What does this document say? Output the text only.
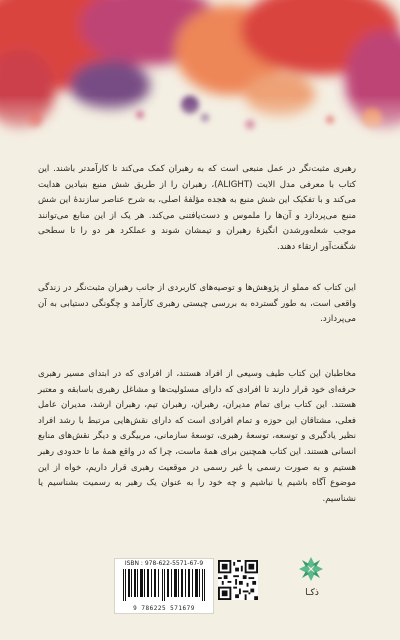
رهبری مثبت‌نگر در عمل منبعی است که به رهبران کمک می‌کند تا کارآمدتر باشند. این کتاب با معرفی مدل الایت (ALIGHT)، رهبران را از طریق شش منبع بنیادین هدایت می‌کند و با تفکیک این شش منبع به هجده مؤلفهٔ اصلی، به شرح عناصر سازندهٔ این شش منبع می‌پردازد و آن‌ها را ملموس و دست‌یافتنی می‌کند. هر یک از این منابع می‌توانند موجب شعله‌ورشدن انگیزهٔ رهبران و تیمشان شوند و عملکرد هر دو را تا سطحی شگفت‌آور ارتقاء دهند.

این کتاب که مملو از پژوهش‌ها و توصیه‌های کاربردی از جانب رهبران مثبت‌نگر در زندگی واقعی است، به طور گسترده به بررسی چیستی رهبری کارآمد و چگونگی دستیابی به آن می‌پردازد.

مخاطبان این کتاب طیف وسیعی از افراد هستند، از افرادی که در ابتدای مسیر رهبری حرفه‌ای خود قرار دارند تا افرادی که دارای مسئولیت‌ها و مشاغل رهبری باسابقه و معتبر هستند. این کتاب برای تمام مدیران، رهبران، رهبران تیم، رهبران ارشد، مدیران عامل فعلی، مشتاقان این حوزه و تمام افرادی است که دارای نقش‌هایی مرتبط با رشد افراد نظیر یادگیری و توسعه، توسعهٔ رهبری، توسعهٔ سازمانی، مربیگری و دیگر نقش‌های منابع انسانی هستند. این کتاب همچنین برای همهٔ ماست، چرا که در واقع همهٔ ما تا حدودی رهبر هستیم و به صورت رسمی یا غیر رسمی در موقعیت رهبری قرار داریم، خواه از این موضوع آگاه باشیم یا نباشیم و چه خود را به عنوان یک رهبر به رسمیت بشناسیم یا نشناسیم.

ISBN : 978-622-5571-67-9
9 786225 571679
ذکـا
